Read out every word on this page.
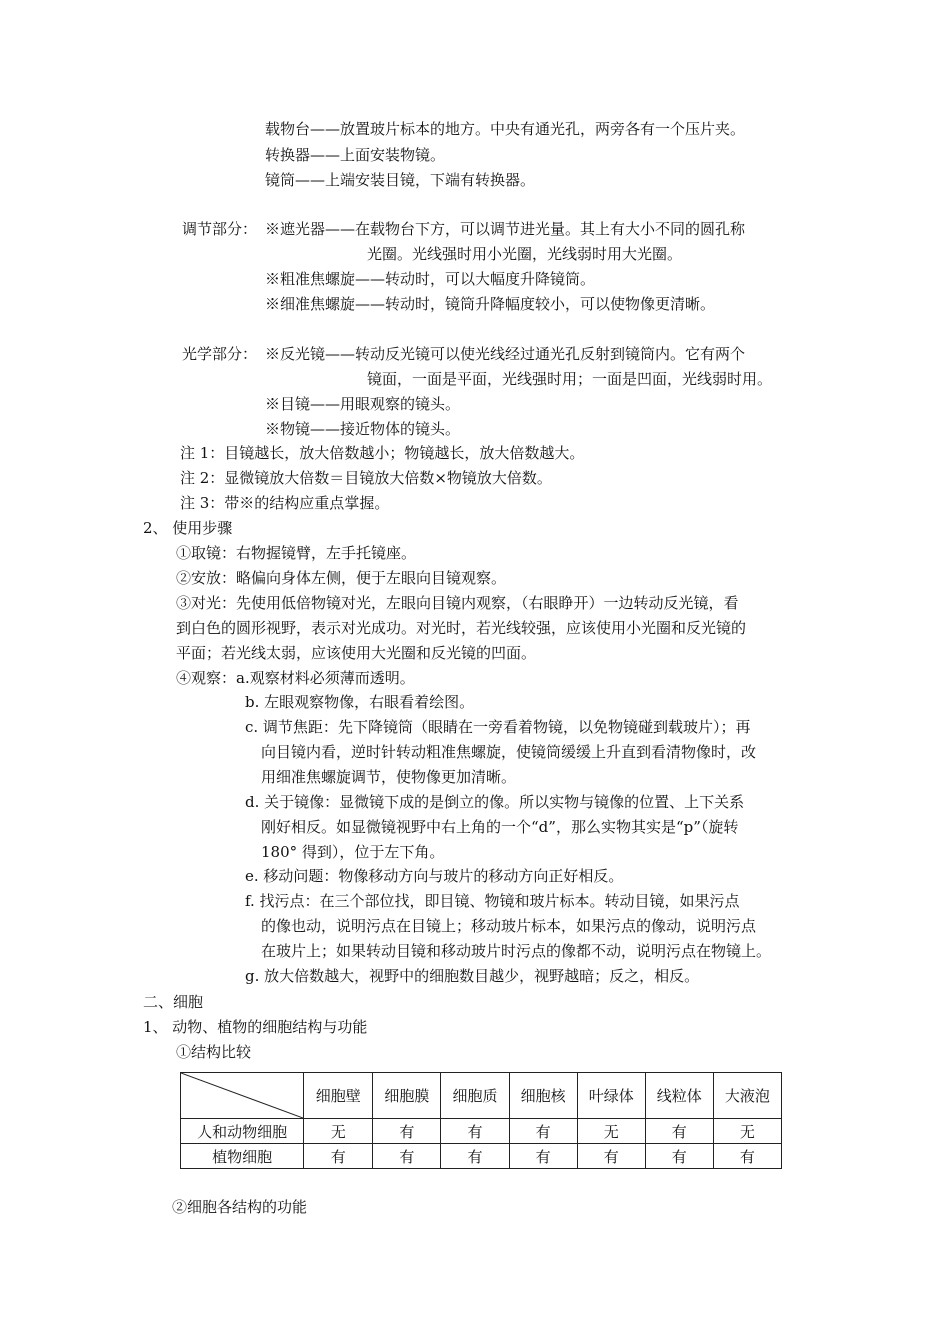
载物台——放置玻片标本的地方。中央有通光孔，两旁各有一个压片夹。
转换器——上面安装物镜。
镜筒——上端安装目镜，下端有转换器。
调节部分： ※遮光器——在载物台下方，可以调节进光量。其上有大小不同的圆孔称
光圈。光线强时用小光圈，光线弱时用大光圈。
※粗准焦螺旋——转动时，可以大幅度升降镜筒。
※细准焦螺旋——转动时，镜筒升降幅度较小，可以使物像更清晰。
光学部分： ※反光镜——转动反光镜可以使光线经过通光孔反射到镜筒内。它有两个
镜面，一面是平面，光线强时用；一面是凹面，光线弱时用。
※目镜——用眼观察的镜头。
※物镜——接近物体的镜头。
注 1：目镜越长，放大倍数越小；物镜越长，放大倍数越大。
注 2：显微镜放大倍数＝目镜放大倍数×物镜放大倍数。
注 3：带※的结构应重点掌握。
2、 使用步骤
①取镜：右物握镜臂，左手托镜座。
②安放：略偏向身体左侧，便于左眼向目镜观察。
③对光：先使用低倍物镜对光，左眼向目镜内观察，（右眼睁开）一边转动反光镜，看
到白色的圆形视野，表示对光成功。对光时，若光线较强，应该使用小光圈和反光镜的
平面；若光线太弱，应该使用大光圈和反光镜的凹面。
④观察：a.观察材料必须薄而透明。
b. 左眼观察物像，右眼看着绘图。
c. 调节焦距：先下降镜筒（眼睛在一旁看着物镜，以免物镜碰到载玻片）；再
向目镜内看，逆时针转动粗准焦螺旋，使镜筒缓缓上升直到看清物像时，改
用细准焦螺旋调节，使物像更加清晰。
d. 关于镜像：显微镜下成的是倒立的像。所以实物与镜像的位置、上下关系
刚好相反。如显微镜视野中右上角的一个“d”，那么实物其实是“p”（旋转
180° 得到），位于左下角。
e. 移动问题：物像移动方向与玻片的移动方向正好相反。
f. 找污点：在三个部位找，即目镜、物镜和玻片标本。转动目镜，如果污点
的像也动，说明污点在目镜上；移动玻片标本，如果污点的像动，说明污点
在玻片上；如果转动目镜和移动玻片时污点的像都不动，说明污点在物镜上。
g. 放大倍数越大，视野中的细胞数目越少，视野越暗；反之，相反。
二、细胞
1、 动物、植物的细胞结构与功能
①结构比较
	细胞壁	细胞膜	细胞质	细胞核	叶绿体	线粒体	大液泡
人和动物细胞	无	有	有	有	无	有	无
植物细胞	有	有	有	有	有	有	有
②细胞各结构的功能
